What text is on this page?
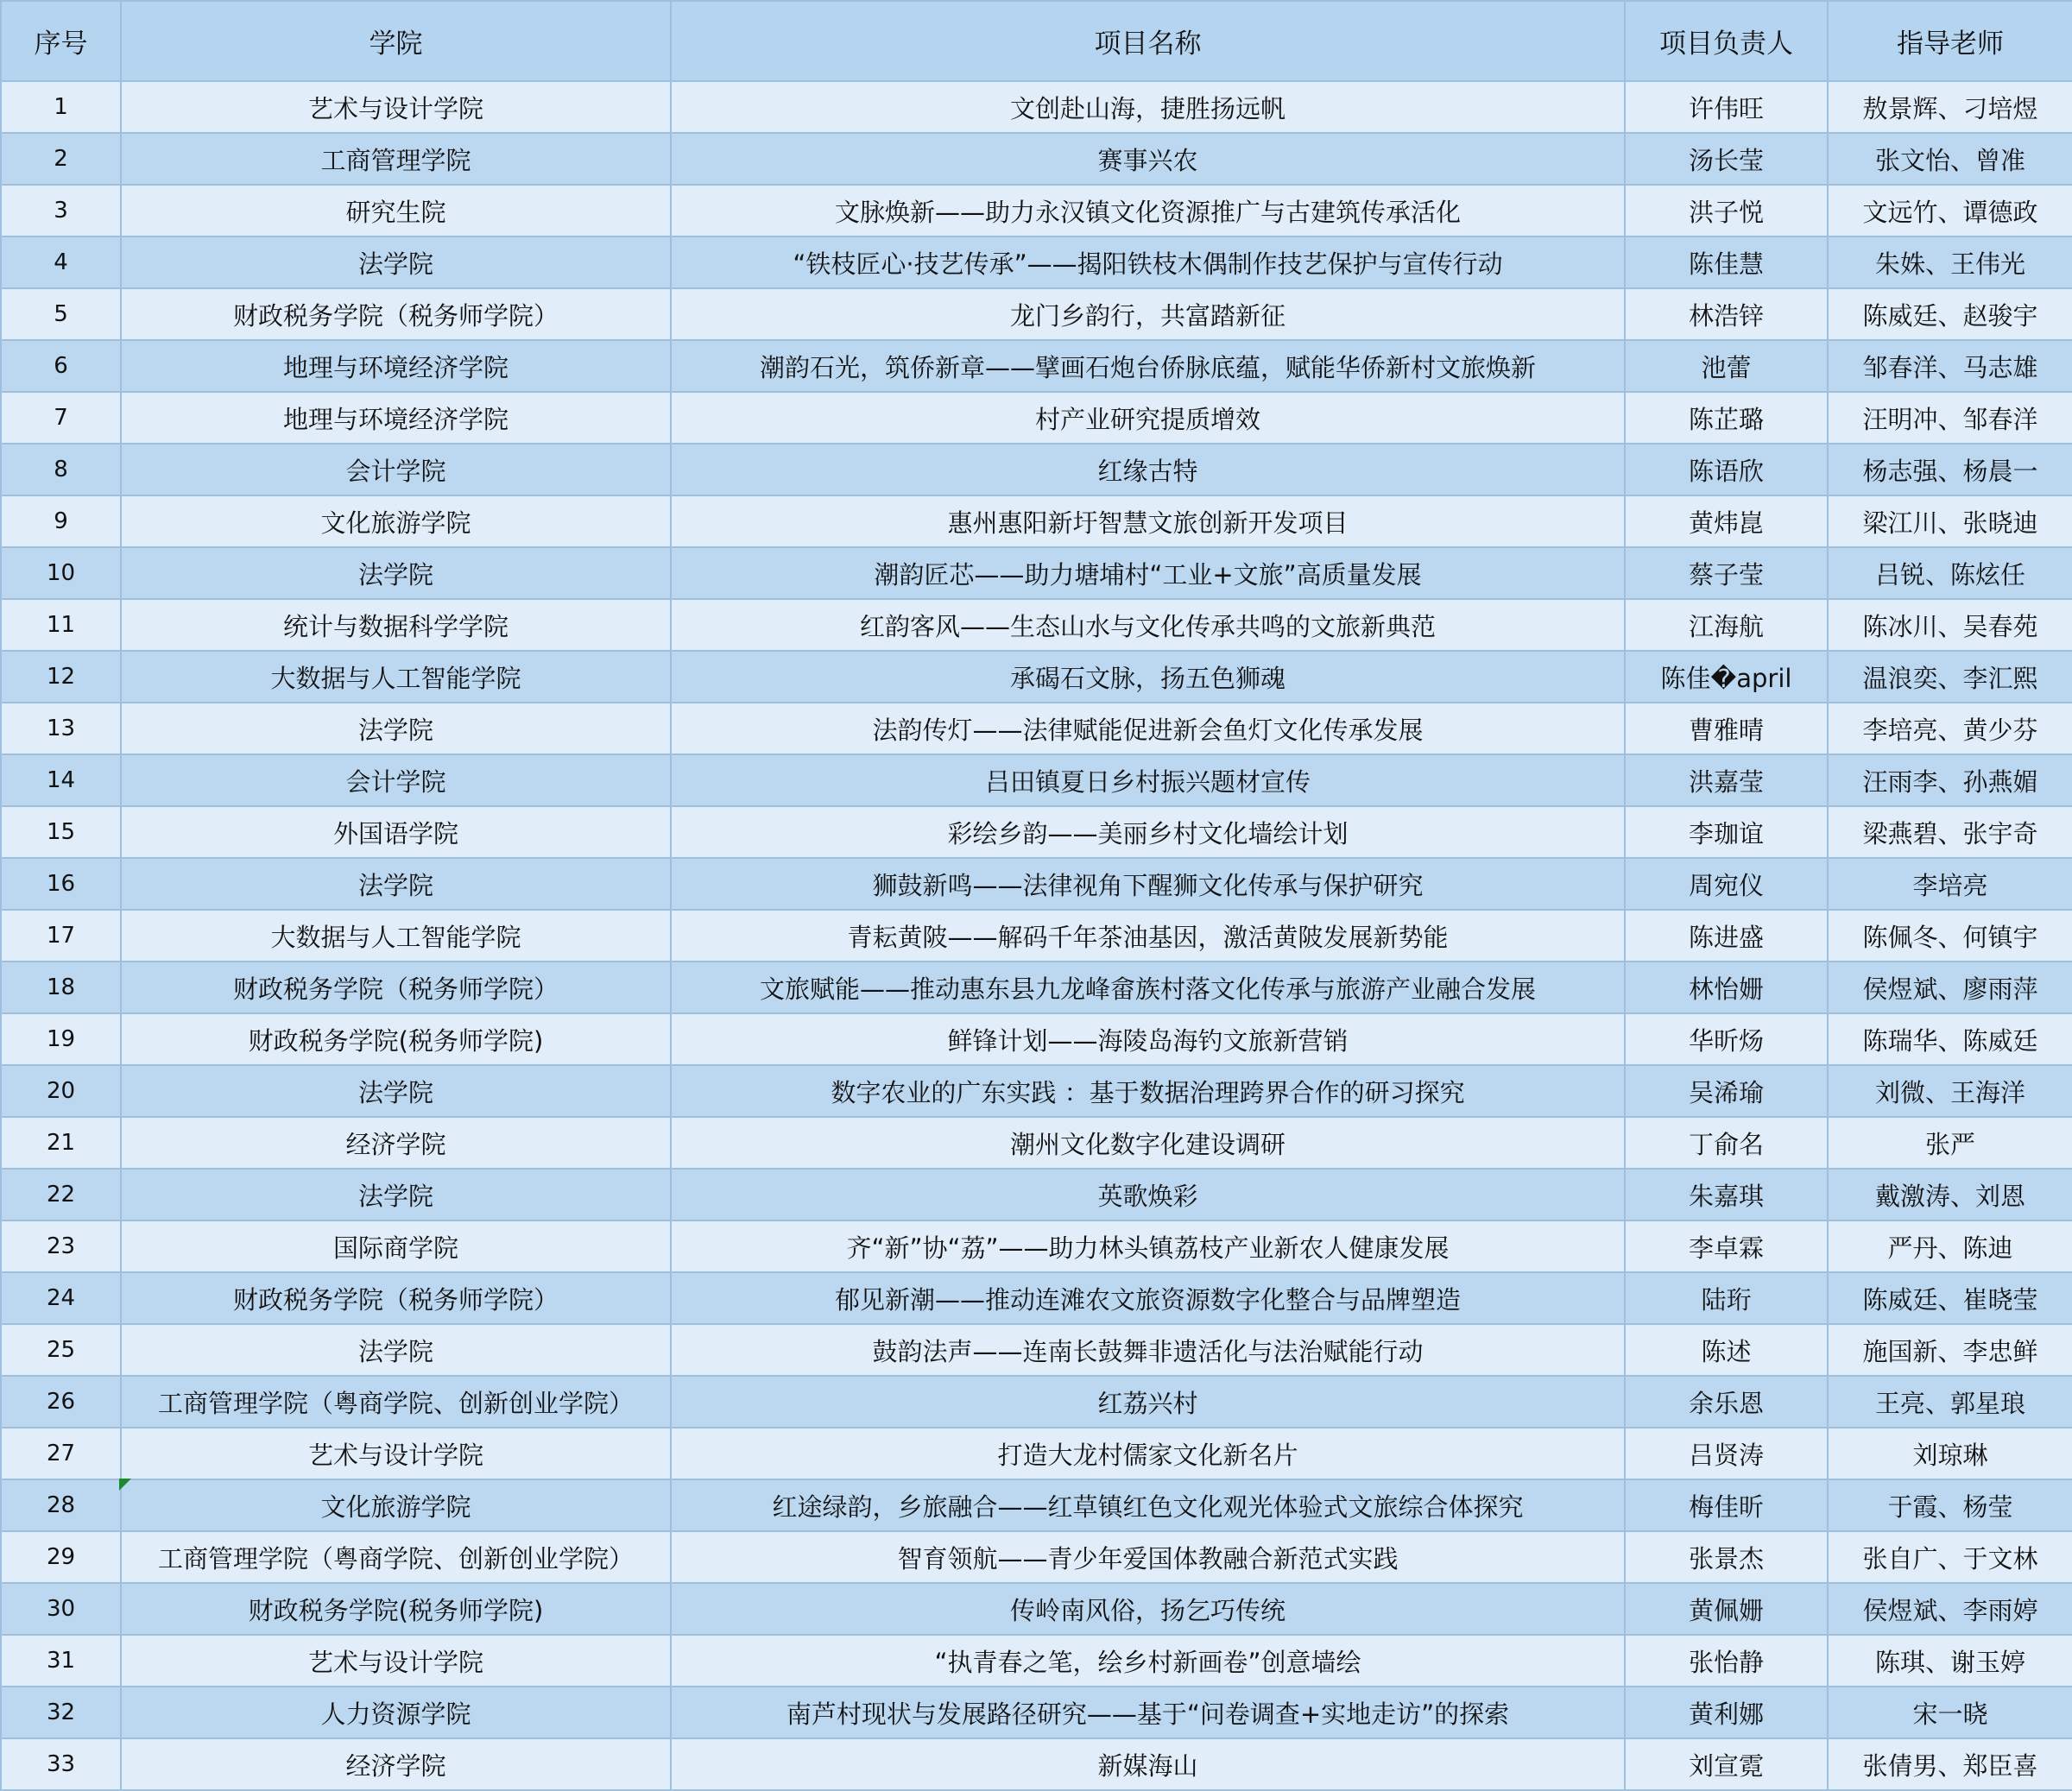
序号	学院	项目名称	项目负责人	指导老师
1	艺术与设计学院	文创赴山海，捷胜扬远帆	许伟旺	敖景辉、刁培煜
2	工商管理学院	赛事兴农	汤长莹	张文怡、曾准
3	研究生院	文脉焕新——助力永汉镇文化资源推广与古建筑传承活化	洪子悦	文远竹、谭德政
4	法学院	“铁枝匠心·技艺传承”——揭阳铁枝木偶制作技艺保护与宣传行动	陈佳慧	朱姝、王伟光
5	财政税务学院（税务师学院）	龙门乡韵行，共富踏新征	林浩锌	陈威廷、赵骏宇
6	地理与环境经济学院	潮韵石光，筑侨新章——擘画石炮台侨脉底蕴，赋能华侨新村文旅焕新	池蕾	邹春洋、马志雄
7	地理与环境经济学院	村产业研究提质增效	陈芷璐	汪明冲、邹春洋
8	会计学院	红缘古特	陈语欣	杨志强、杨晨一
9	文化旅游学院	惠州惠阳新圩智慧文旅创新开发项目	黄炜崑	梁江川、张晓迪
10	法学院	潮韵匠芯——助力塘埔村“工业+文旅”高质量发展	蔡子莹	吕锐、陈炫任
11	统计与数据科学学院	红韵客风——生态山水与文化传承共鸣的文旅新典范	江海航	陈冰川、吴春苑
12	大数据与人工智能学院	承碣石文脉，扬五色狮魂	陈佳�april	温浪奕、李汇熙
13	法学院	法韵传灯——法律赋能促进新会鱼灯文化传承发展	曹雅晴	李培亮、黄少芬
14	会计学院	吕田镇夏日乡村振兴题材宣传	洪嘉莹	汪雨李、孙燕媚
15	外国语学院	彩绘乡韵——美丽乡村文化墙绘计划	李珈谊	梁燕碧、张宇奇
16	法学院	狮鼓新鸣——法律视角下醒狮文化传承与保护研究	周宛仪	李培亮
17	大数据与人工智能学院	青耘黄陂——解码千年茶油基因，激活黄陂发展新势能	陈进盛	陈佩冬、何镇宇
18	财政税务学院（税务师学院）	文旅赋能——推动惠东县九龙峰畲族村落文化传承与旅游产业融合发展	林怡姗	侯煜斌、廖雨萍
19	财政税务学院(税务师学院)	鲜锋计划——海陵岛海钓文旅新营销	华昕炀	陈瑞华、陈威廷
20	法学院	数字农业的广东实践 ：基于数据治理跨界合作的研习探究	吴浠瑜	刘微、王海洋
21	经济学院	潮州文化数字化建设调研	丁俞名	张严
22	法学院	英歌焕彩	朱嘉琪	戴激涛、刘恩
23	国际商学院	齐“新”协“荔”——助力林头镇荔枝产业新农人健康发展	李卓霖	严丹、陈迪
24	财政税务学院（税务师学院）	郁见新潮——推动连滩农文旅资源数字化整合与品牌塑造	陆珩	陈威廷、崔晓莹
25	法学院	鼓韵法声——连南长鼓舞非遗活化与法治赋能行动	陈述	施国新、李忠鲜
26	工商管理学院（粤商学院、创新创业学院）	红荔兴村	余乐恩	王亮、郭星琅
27	艺术与设计学院	打造大龙村儒家文化新名片	吕贤涛	刘琼琳
28	文化旅游学院	红途绿韵，乡旅融合——红草镇红色文化观光体验式文旅综合体探究	梅佳昕	于霞、杨莹
29	工商管理学院（粤商学院、创新创业学院）	智育领航——青少年爱国体教融合新范式实践	张景杰	张自广、于文林
30	财政税务学院(税务师学院)	传岭南风俗，扬乞巧传统	黄佩姗	侯煜斌、李雨婷
31	艺术与设计学院	“执青春之笔，绘乡村新画卷”创意墙绘	张怡静	陈琪、谢玉婷
32	人力资源学院	南芦村现状与发展路径研究——基于“问卷调查+实地走访”的探索	黄利娜	宋一晓
33	经济学院	新媒海山	刘宣霓	张倩男、郑臣喜
